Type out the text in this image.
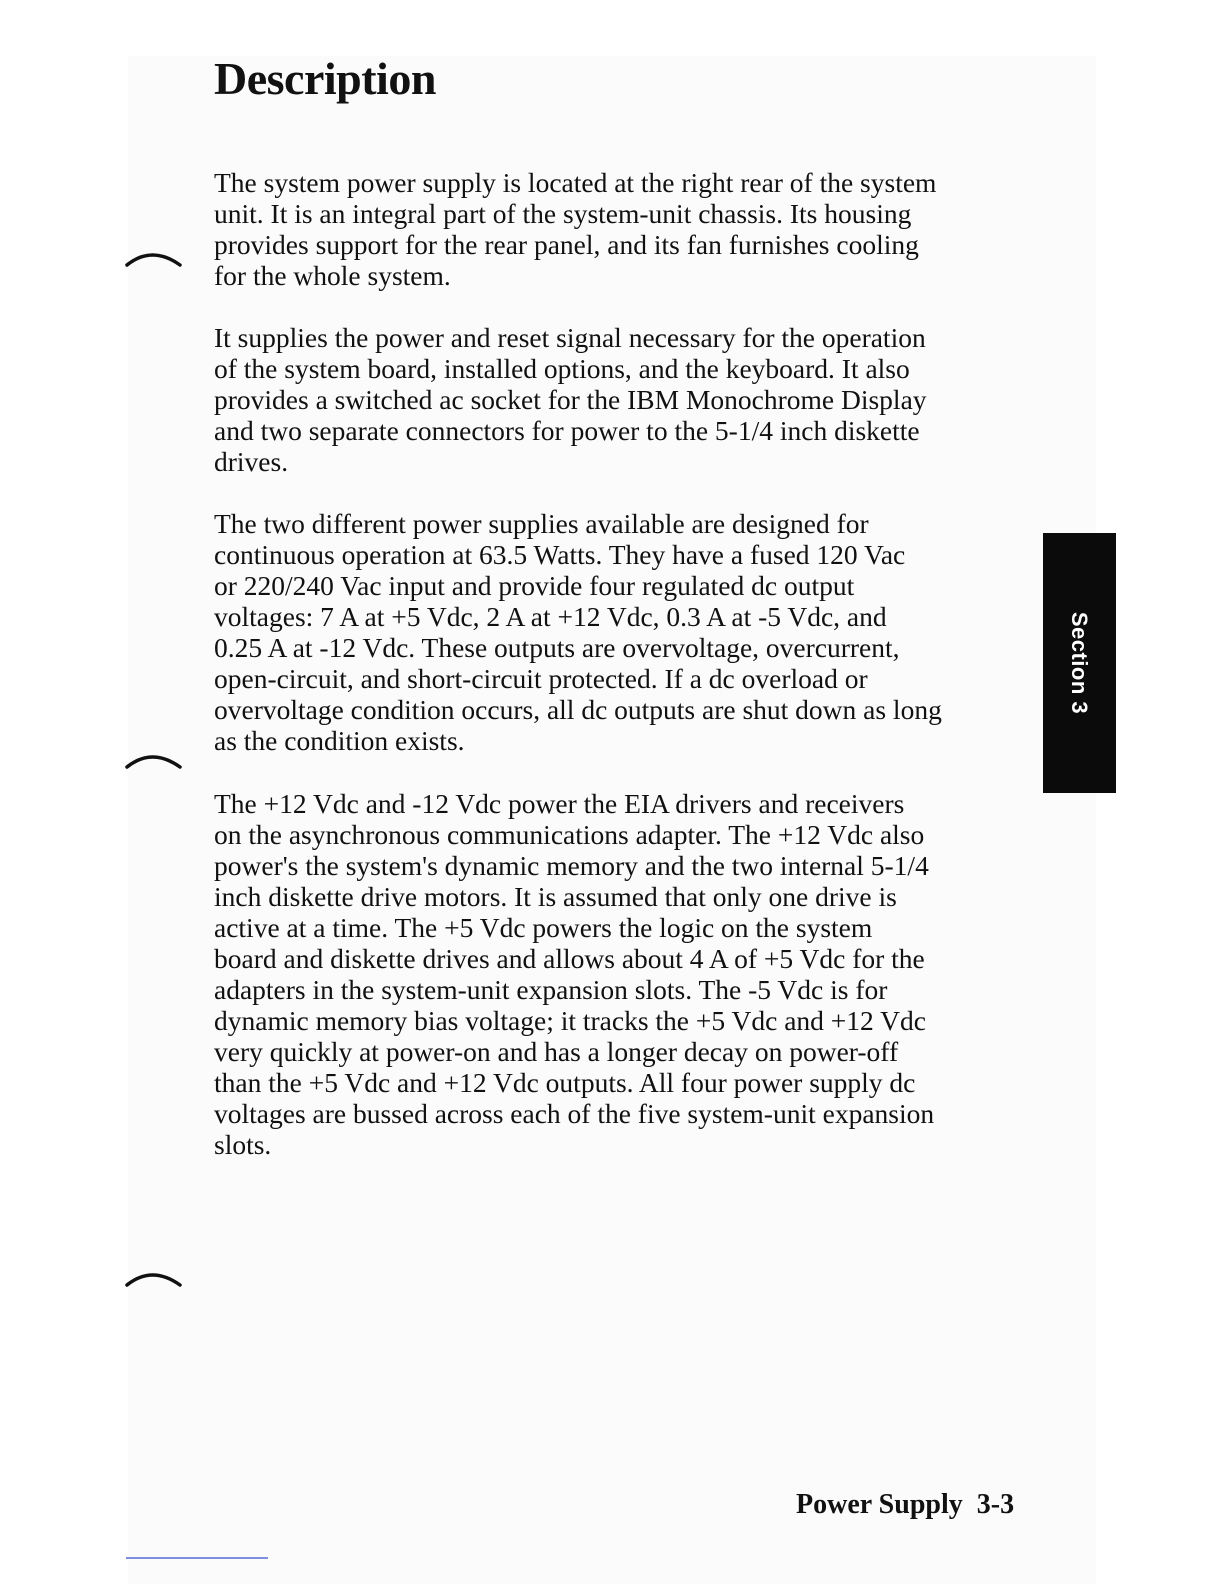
Description
The system power supply is located at the right rear of the system
unit. It is an integral part of the system-unit chassis. Its housing
provides support for the rear panel, and its fan furnishes cooling
for the whole system.
It supplies the power and reset signal necessary for the operation
of the system board, installed options, and the keyboard. It also
provides a switched ac socket for the IBM Monochrome Display
and two separate connectors for power to the 5-1/4 inch diskette
drives.
The two different power supplies available are designed for
continuous operation at 63.5 Watts. They have a fused 120 Vac
or 220/240 Vac input and provide four regulated dc output
voltages: 7 A at +5 Vdc, 2 A at +12 Vdc, 0.3 A at -5 Vdc, and
0.25 A at -12 Vdc. These outputs are overvoltage, overcurrent,
open-circuit, and short-circuit protected. If a dc overload or
overvoltage condition occurs, all dc outputs are shut down as long
as the condition exists.
The +12 Vdc and -12 Vdc power the EIA drivers and receivers
on the asynchronous communications adapter. The +12 Vdc also
power's the system's dynamic memory and the two internal 5-1/4
inch diskette drive motors. It is assumed that only one drive is
active at a time. The +5 Vdc powers the logic on the system
board and diskette drives and allows about 4 A of +5 Vdc for the
adapters in the system-unit expansion slots. The -5 Vdc is for
dynamic memory bias voltage; it tracks the +5 Vdc and +12 Vdc
very quickly at power-on and has a longer decay on power-off
than the +5 Vdc and +12 Vdc outputs. All four power supply dc
voltages are bussed across each of the five system-unit expansion
slots.
Section 3
Power Supply 3-3
